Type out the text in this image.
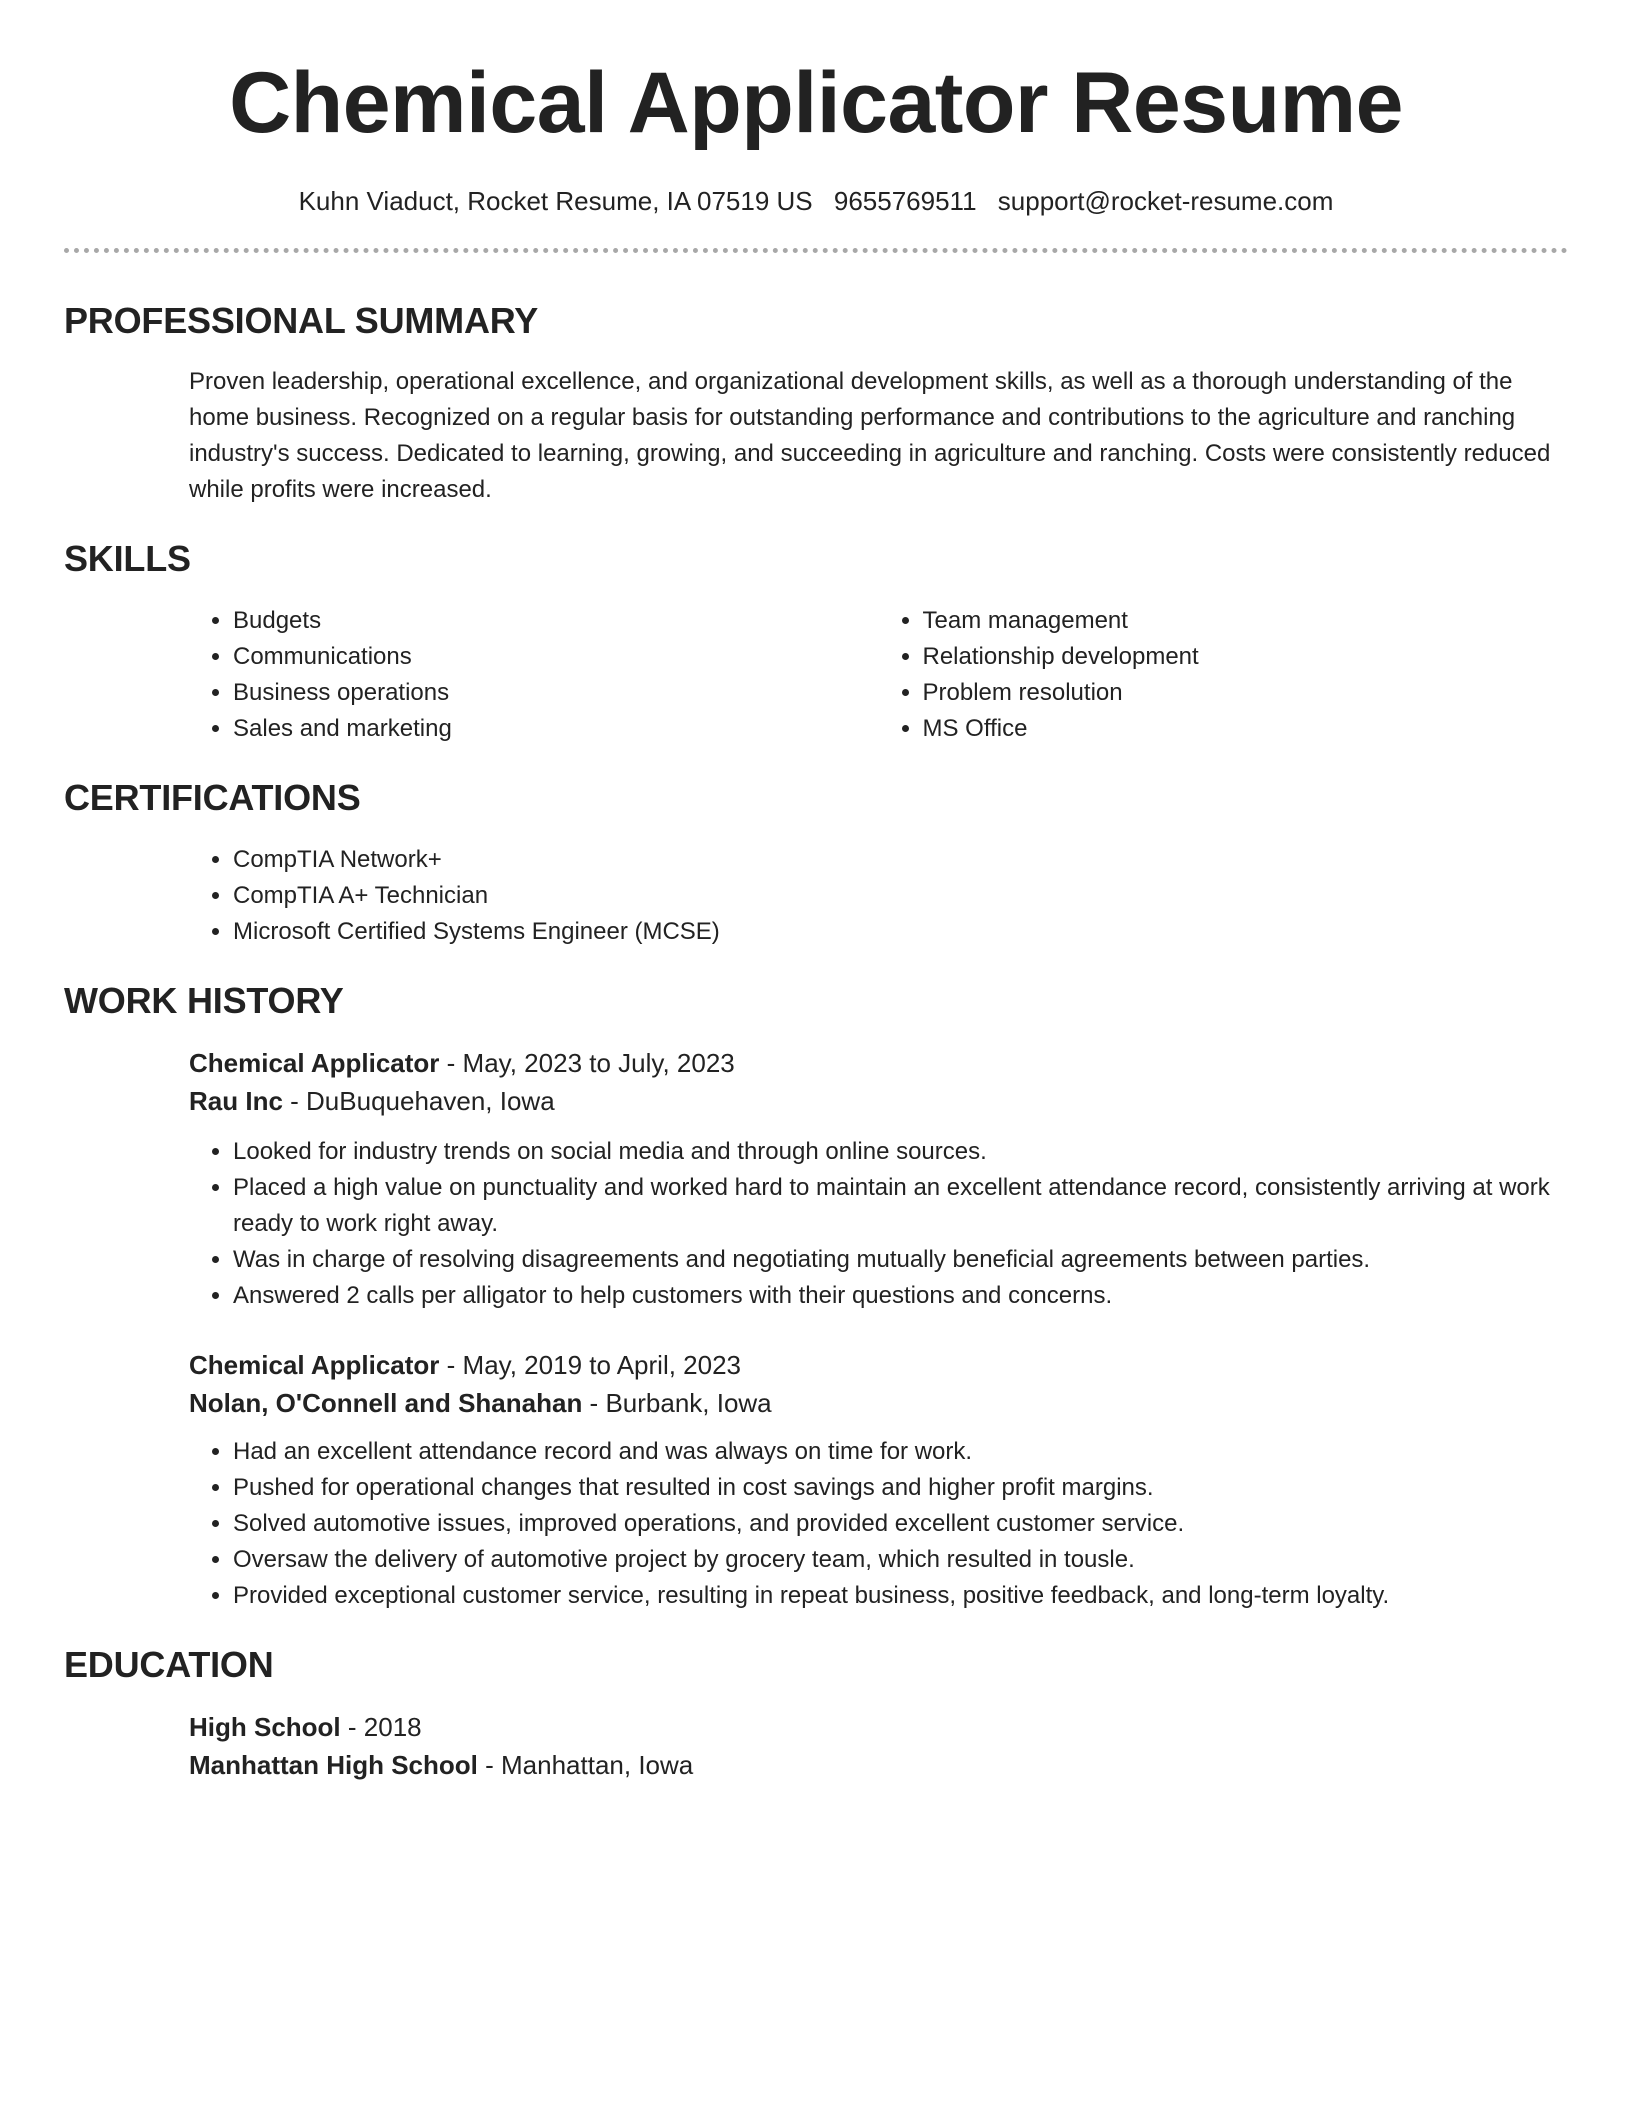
Chemical Applicator Resume
Kuhn Viaduct, Rocket Resume, IA 07519 US 9655769511 support@rocket-resume.com
PROFESSIONAL SUMMARY

Proven leadership, operational excellence, and organizational development skills, as well as a thorough understanding of the home business. Recognized on a regular basis for outstanding performance and contributions to the agriculture and ranching industry's success. Dedicated to learning, growing, and succeeding in agriculture and ranching. Costs were consistently reduced while profits were increased.

SKILLS
• Budgets
• Communications
• Business operations
• Sales and marketing
• Team management
• Relationship development
• Problem resolution
• MS Office
CERTIFICATIONS
• CompTIA Network+
• CompTIA A+ Technician
• Microsoft Certified Systems Engineer (MCSE)
WORK HISTORY
Chemical Applicator - May, 2023 to July, 2023
Rau Inc - DuBuquehaven, Iowa
• Looked for industry trends on social media and through online sources.
• Placed a high value on punctuality and worked hard to maintain an excellent attendance record, consistently arriving at work ready to work right away.
• Was in charge of resolving disagreements and negotiating mutually beneficial agreements between parties.
• Answered 2 calls per alligator to help customers with their questions and concerns.
Chemical Applicator - May, 2019 to April, 2023
Nolan, O'Connell and Shanahan - Burbank, Iowa
• Had an excellent attendance record and was always on time for work.
• Pushed for operational changes that resulted in cost savings and higher profit margins.
• Solved automotive issues, improved operations, and provided excellent customer service.
• Oversaw the delivery of automotive project by grocery team, which resulted in tousle.
• Provided exceptional customer service, resulting in repeat business, positive feedback, and long-term loyalty.
EDUCATION
High School - 2018
Manhattan High School - Manhattan, Iowa
